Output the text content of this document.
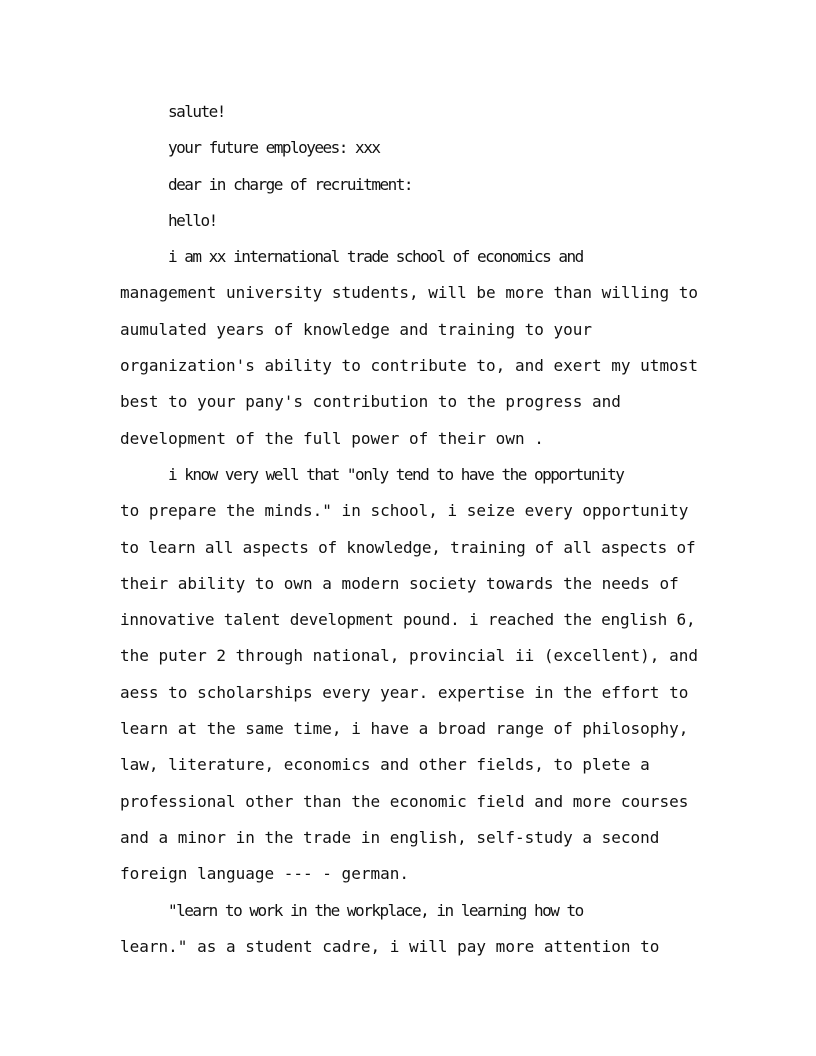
salute!
your future employees: xxx
dear in charge of recruitment:
hello!
i am xx international trade school of economics and
management university students, will be more than willing to
aumulated years of knowledge and training to your
organization's ability to contribute to, and exert my utmost
best to your pany's contribution to the progress and
development of the full power of their own .
i know very well that "only tend to have the opportunity
to prepare the minds." in school, i seize every opportunity
to learn all aspects of knowledge, training of all aspects of
their ability to own a modern society towards the needs of
innovative talent development pound. i reached the english 6,
the puter 2 through national, provincial ii (excellent), and
aess to scholarships every year. expertise in the effort to
learn at the same time, i have a broad range of philosophy,
law, literature, economics and other fields, to plete a
professional other than the economic field and more courses
and a minor in the trade in english, self-study a second
foreign language --- - german.
"learn to work in the workplace, in learning how to
learn." as a student cadre, i will pay more attention to
